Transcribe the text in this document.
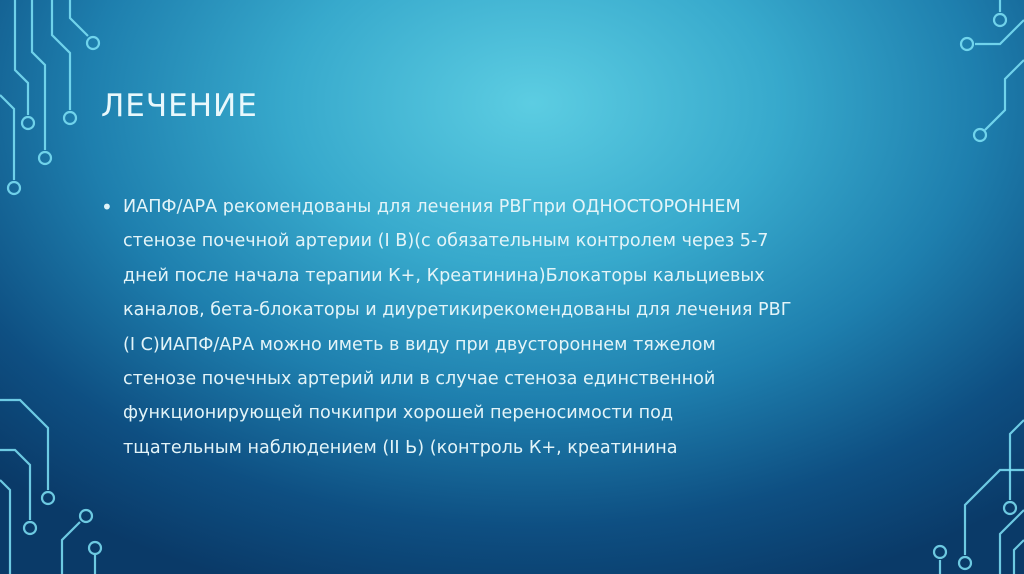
ЛЕЧЕНИЕ
• ИАПФ/АРА рекомендованы для лечения РВГпри ОДНОСТОРОННЕМ
стенозе почечной артерии (I В)(с обязательным контролем через 5-7
дней после начала терапии К+, Креатинина)Блокаторы кальциевых
каналов, бета-блокаторы и диуретикирекомендованы для лечения РВГ
(I С)ИАПФ/АРА можно иметь в виду при двустороннем тяжелом
стенозе почечных артерий или в случае стеноза единственной
функционирующей почкипри хорошей переносимости под
тщательным наблюдением (II Ь) (контроль К+, креатинина
